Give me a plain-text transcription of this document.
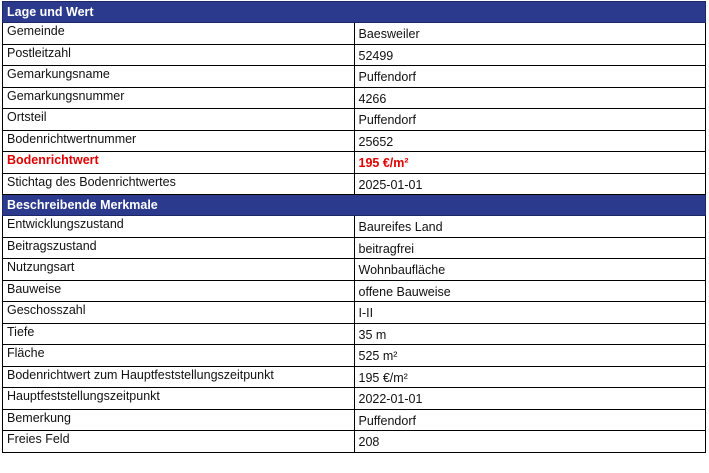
Lage und Wert	
Gemeinde	Baesweiler
Postleitzahl	52499
Gemarkungsname	Puffendorf
Gemarkungsnummer	4266
Ortsteil	Puffendorf
Bodenrichtwertnummer	25652
Bodenrichtwert	195 €/m²
Stichtag des Bodenrichtwertes	2025-01-01
Beschreibende Merkmale	
Entwicklungszustand	Baureifes Land
Beitragszustand	beitragfrei
Nutzungsart	Wohnbaufläche
Bauweise	offene Bauweise
Geschosszahl	I-II
Tiefe	35 m
Fläche	525 m²
Bodenrichtwert zum Hauptfeststellungszeitpunkt	195 €/m²
Hauptfeststellungszeitpunkt	2022-01-01
Bemerkung	Puffendorf
Freies Feld	208
